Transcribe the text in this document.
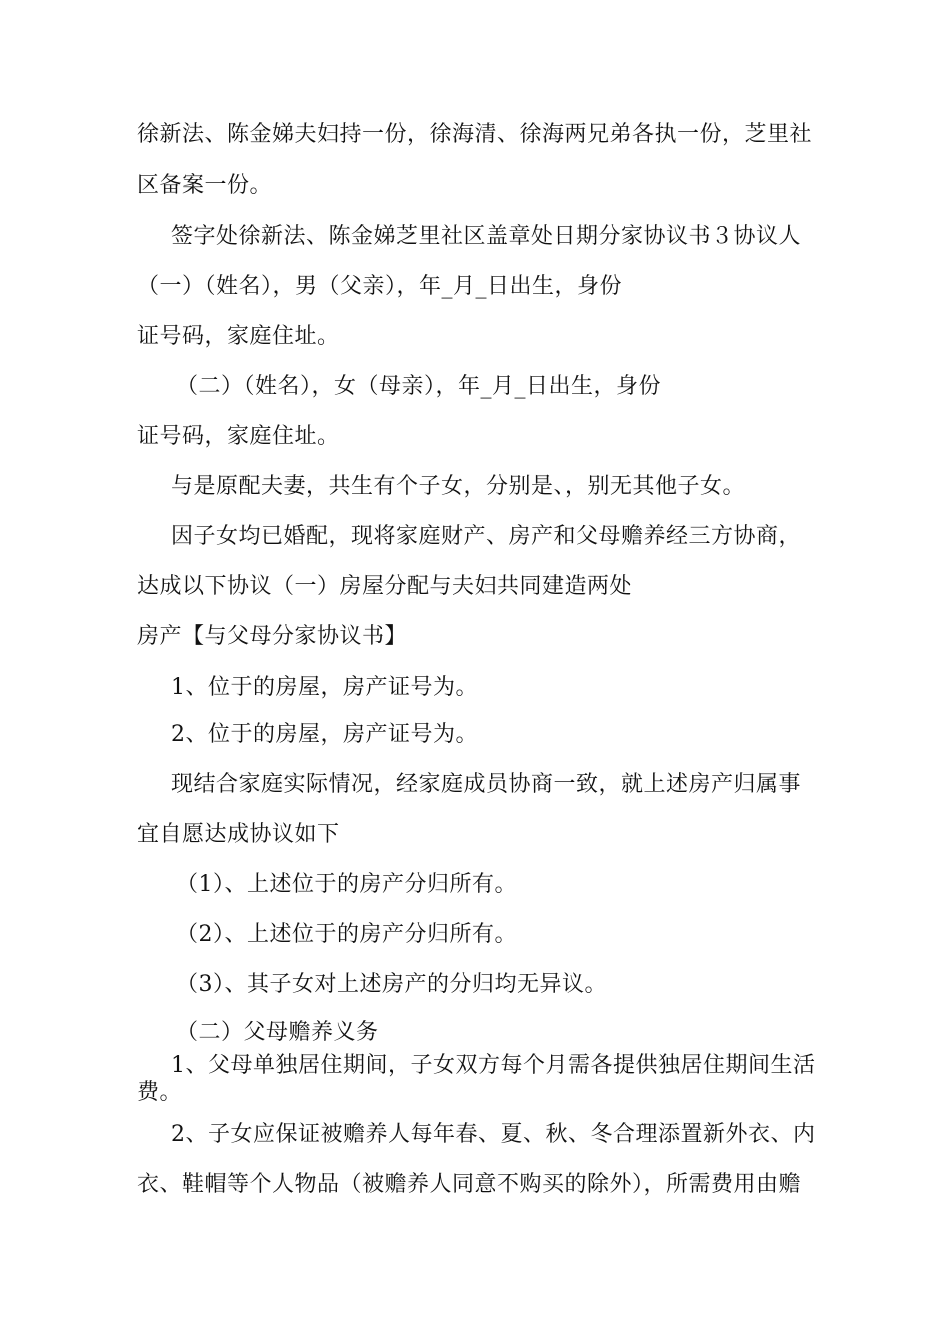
徐新法、陈金娣夫妇持一份，徐海清、徐海两兄弟各执一份，芝里社
区备案一份。
签字处徐新法、陈金娣芝里社区盖章处日期分家协议书３协议人
（一）（姓名），男（父亲），年_月_日出生，身份
证号码，家庭住址。
（二）（姓名），女（母亲），年_月_日出生，身份
证号码，家庭住址。
与是原配夫妻，共生有个子女，分别是、，别无其他子女。
因子女均已婚配，现将家庭财产、房产和父母赡养经三方协商，
达成以下协议（一）房屋分配与夫妇共同建造两处
房产【与父母分家协议书】
1、位于的房屋，房产证号为。
2、位于的房屋，房产证号为。
现结合家庭实际情况，经家庭成员协商一致，就上述房产归属事
宜自愿达成协议如下
（1）、上述位于的房产分归所有。
（2）、上述位于的房产分归所有。
（3）、其子女对上述房产的分归均无异议。
（二）父母赡养义务
1、父母单独居住期间，子女双方每个月需各提供独居住期间生活
费。
2、子女应保证被赡养人每年春、夏、秋、冬合理添置新外衣、内
衣、鞋帽等个人物品（被赡养人同意不购买的除外），所需费用由赡
